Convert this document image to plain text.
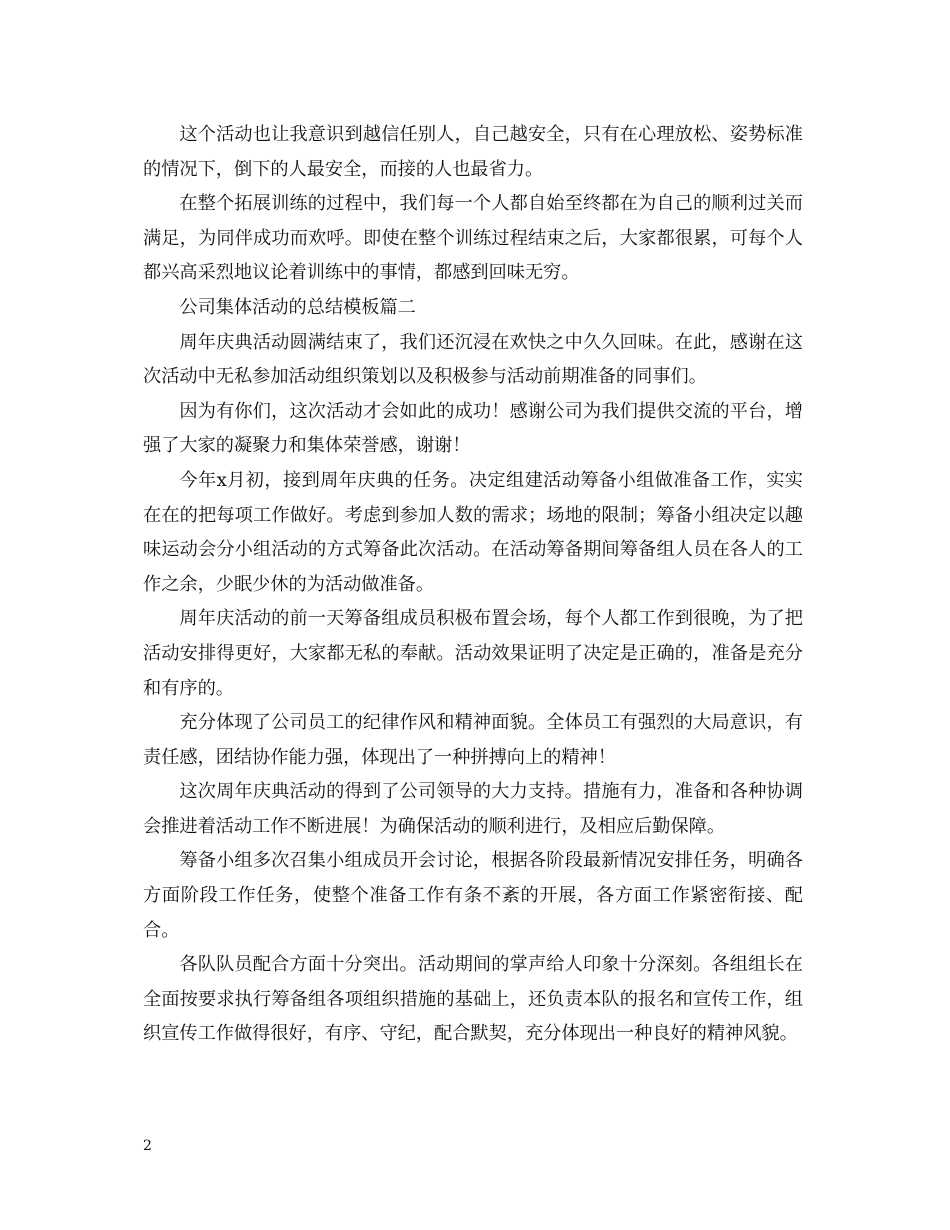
这个活动也让我意识到越信任别人，自己越安全，只有在心理放松、姿势标准的情况下，倒下的人最安全，而接的人也最省力。

在整个拓展训练的过程中，我们每一个人都自始至终都在为自己的顺利过关而满足，为同伴成功而欢呼。即使在整个训练过程结束之后，大家都很累，可每个人都兴高采烈地议论着训练中的事情，都感到回味无穷。

公司集体活动的总结模板篇二

周年庆典活动圆满结束了，我们还沉浸在欢快之中久久回味。在此，感谢在这次活动中无私参加活动组织策划以及积极参与活动前期准备的同事们。

因为有你们，这次活动才会如此的成功！感谢公司为我们提供交流的平台，增强了大家的凝聚力和集体荣誉感，谢谢！

今年x月初，接到周年庆典的任务。决定组建活动筹备小组做准备工作，实实在在的把每项工作做好。考虑到参加人数的需求；场地的限制；筹备小组决定以趣味运动会分小组活动的方式筹备此次活动。在活动筹备期间筹备组人员在各人的工作之余，少眠少休的为活动做准备。

周年庆活动的前一天筹备组成员积极布置会场，每个人都工作到很晚，为了把活动安排得更好，大家都无私的奉献。活动效果证明了决定是正确的，准备是充分和有序的。

充分体现了公司员工的纪律作风和精神面貌。全体员工有强烈的大局意识，有责任感，团结协作能力强，体现出了一种拼搏向上的精神！

这次周年庆典活动的得到了公司领导的大力支持。措施有力，准备和各种协调会推进着活动工作不断进展！为确保活动的顺利进行，及相应后勤保障。

筹备小组多次召集小组成员开会讨论，根据各阶段最新情况安排任务，明确各方面阶段工作任务，使整个准备工作有条不紊的开展，各方面工作紧密衔接、配合。

各队队员配合方面十分突出。活动期间的掌声给人印象十分深刻。各组组长在全面按要求执行筹备组各项组织措施的基础上，还负责本队的报名和宣传工作，组织宣传工作做得很好，有序、守纪，配合默契，充分体现出一种良好的精神风貌。

2
